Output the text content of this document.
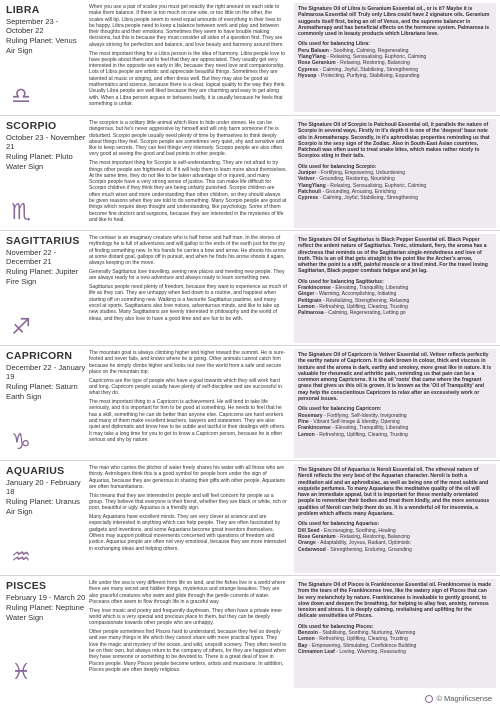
LIBRA
September 23 - October 22
Ruling Planet: Venus
Air Sign
♎

When you use a pair of scales you must get exactly the right amount on each side to make them balance. If there is too much on one side, or too little on the other, the scales will tip. Libra people seem to need equal amounts of everything in their lives to be happy. Libra people need to keep a balance between work and play and between their thoughts and their emotions. Sometimes they seem to have trouble making decisions, but this is because they must consider all sides of a question first. They are always striving for perfection and balance, and love beauty and harmony around them.

The most important thing for a Libra person is the idea of harmony. Libra people love to have people about them and to feel that they are appreciated. They usually get very interested in the opposite sex early in life, because they need love and companionship. Lots of Libra people are artistic and appreciate beautiful things. Sometimes they are talented at music or singing, and often dress well. But they may also be good at mathematics and science, because there is a clear, logical quality to the way they think. Usually Libra people are well liked because they are charming and easy to get along with. When a Libra person argues or behaves badly, it is usually because he feels that something is unfair.

The Signature Oil of Libra is Geranium Essential oil., or is it? Maybe it is Palmarosa Essential oil! Truly only Libra could have 2 signature oils. Geranium suggests itself first, being an oil of Venus, and the supreme balancer in Aromatherapy and has beneficial effects on the hormone system. Palmarosa is commonly used in beauty products which Librarians love.
Oils used for balancing Libra:
Peru Balsam - Soothing, Calming, Regenerating
YlangYlang - Relaxing, Sensualising, Euphoric, Calming
Rose Geranium - Relaxing, Restoring, Balancing
Cypress - Calming, Joyful, Stabilising, Strengthening
Hyssop - Protecting, Purifying, Stabilising, Expanding
SCORPIO
October 23 - November 21
Ruling Planet: Pluto
Water Sign
♏

The scorpion is a solitary little animal which likes to hide under stones. He can be dangerous, but he's never aggressive by himself and will only harm someone if he is disturbed. Scorpio people usually need plenty of time by themselves to think deeply about things they feel. Scorpio people are sometimes very quiet, shy and sensitive and like to keep secrets. They can feel things very intensely. Scorpio people are also often very good at seeing the good and bad points in other people.

The most important thing for Scorpio is self-understanding. They are not afraid to try things other people are frightened of. If it will help them to learn more about themselves. At the same time, they do not like to be taken advantage of or injured, and many Scorpio people have a very strong sense of justice. This can make life difficult for Scorpio children if they think they are being unfairly punished. Scorpio children are often much wiser and more understanding than other children, so they should always be given reasons when they are told to do something. Many Scorpio people are good at things which require deep thought and understanding, like psychology. Some of them become fine doctors and surgeons, because they are interested in the mysteries of life and like to heal.

The Signature Oil of Scorpio is Patchouli Essential oil, it parallels the nature of Scorpio in several ways. Firstly in it's depth it is one of the 'deepest' base note oils in Aromatherapy. Secondly, in it's aphrodisiac properties reminding us that Scorpio is the sexy sign of the Zodiac. Also in South-East Asian countries, Patchouli was often used to treat snake bites, which makes rather nicely to Scorpios sting in their tails.
Oils used for balancing Scorpio:
Juniper - Fortifying, Empowering, Unburdening
Vetiver - Grounding, Restoring, Nourishing
YlangYlang - Relaxing, Sensualising, Euphoric, Calming
Patchouli - Grounding, Arousing, Enriching
Cypress - Calming, Joyful, Stabilising, Strengthening
SAGITTARIUS
November 22 - December 21
Ruling Planet: Jupiter
Fire Sign
♐

The centaur is an imaginary creature who is half horse and half man. In the stories of mythology he is full of adventures and will gallop to the ends of the earth just for the joy of finding something new. In his hands he carries a bow and arrow. He shoots his arrow at some distant goal, gallops off in pursuit, and when he finds his arrow shoots it again, always keeping on the move.

Generally Sagittarius love travelling, seeing new places and meeting new people. They are always ready for a new adventure and always ready to learn something new.

Sagittarius people need plenty of freedom, because they want to experience as much of life as they can. They are unhappy when tied down to a routine, and happiest when starting off on something new. Walking is a favourite Sagittarius pastime, and many excel at sports. Sagittarians also love noises, adventurous minds, and like to take up new studies. Many Sagittarians are keenly interested in philosophy and the world of ideas, and they also love to have a good time and are fun to be with.

The Signature Oil of Sagittarius is Black Pepper Essential oil. Black Pepper reflect the ardent nature of Sagittarius. Tonic, stimulant, fiery, the aroma has a directness that reminds us of the Sagittarian single-mindedness and love of truth. This is an oil that gets straight to the point like the Archer's arrow, whether the point is a stiff, painful muscle or a tired mind. For the travel loving Sagittarian, Black pepper combats fatigue and jet lag.
Oils used for balancing Sagittarius:
Frankincense - Elevating, Tranquillity, Liberating
Ginger - Warming, Accomplishing, Initiating
Petitgrain - Revitalizing, Strengthening, Relaxing
Lemon - Refreshing, Uplifting, Clearing, Trusting
Palmarosa - Calming, Regenerating, Letting go
CAPRICORN
December 22 - January 19
Ruling Planet: Saturn
Earth Sign
♑

The mountain goat is always climbing higher and higher toward the summit. He is sure-footed and never fails, and knows where he is going. Other animals cannot catch him because he simply climbs higher and looks out over the world from a safe and secure place on the mountain top.

Capricorns are the type of people who have a goal towards which they will work hard and long. Capricorn people usually have plenty of self-discipline and are successful in what they do.

The most important thing to a Capricorn is achievement. He will tend to take life seriously, and it is important for him to be good at something. He needs to feel that he has a skill, something he can do better than anyone else. Capricorns are hard workers and many of them make excellent teachers, lawyers and statesmen. They are also quiet and diplomatic and know how to be subtle and tactful in their dealings with others. It may take a long time for you to get to know a Capricorn person, because he is often serious and shy by nature.

The Signature Oil of Capricorn is Vetiver Essential oil. Vetiver reflects perfectly the earthy nature of Capricorn. It is dark brown in colour, thick and viscous in texture and the aroma is dark, earthy and smokey, more great like in nature. It is valuable for rheumatic and arthritic pain, reminding us that pain can be a common among Capricorns. It is the oil 'roots' that came where the fragrant grass that gives us this oil is grown. It is known as the 'Oil of Tranquility' and may help the conscientious Capricorn to relax after an excessively work or personal issues.
Oils used for balancing Capricorn:
Rosemary - Fortifying, Self-Identity, Invigorating
Pine - Vibrant Self-Image & Identity, Opening
Frankincense - Elevating, Tranquillity, Liberating
Lemon - Refreshing, Uplifting, Clearing, Trusting
AQUARIUS
January 20 - February 18
Ruling Planet: Uranus
Air Sign
♒

The man who carries the pitcher of water freely shares his water with all those who are thirsty. Astrologers think this is a good symbol for people born under the sign of Aquarius, because they are generous in sharing their gifts with other people. Aquarians are often humanitarians.

This means that they are interested in people and will feel concern for people as a group. They believe that everyone is their friend, whether they are black or white, rich or poor, beautiful or ugly. Aquarius is a friendly sign.

Many Aquarians have excellent minds. They are very clever at science and are especially interested in anything which can help people. They are often fascinated by gadgets and inventions, and some Aquarians become great inventors themselves. Others may support political movements concerned with questions of freedom and justice. Aquarius people are often not very emotional, because they are more interested in exchanging ideas and helping others.

The Signature Oil of Aquarius is Neroli Essential oil. The ethereal nature of Neroli reflects the very best of the Aquarian character. Neroli is both a meditation aid and an aphrodisiac, as well as being one of the most subtle and exquisite perfumes. To many Aquarians the meditative quality of the oil will have an immediate appeal, but it is important for these mentally orientated people to remember their bodies and treat them kindly, and the more sensuous qualities of Neroli can help them do so. It is a wonderful oil for insomnia, a problem which affects many Aquarians.
Oils used for balancing Aquarius:
Dill Seed - Encouraging, Soothing, Healing
Rose Geranium - Relaxing, Restoring, Balancing
Orange - Adaptability, Joyous, Radiant, Optimistic
Cedarwood - Strengthening, Enduring, Grounding
PISCES
February 19 - March 20
Ruling Planet: Neptune
Water Sign
♓

Life under the sea is very different from life on land, and the fishes live in a world where there are many secret and hidden things, mysterious and strange beauties. They are also graceful creatures who swim and glide through the gentle currents of water. Pisceans often seem to flow through life in a graceful way.

They love music and poetry and frequently daydream. They often have a private inner world which is a very special and precious place to them, but they can be deeply compassionate towards other people who are unhappy.

Other people sometimes find Pisces hard to understand, because they feel so deeply and see many things in life which they cannot share with more practical types. They love the magic and mystery of the ocean, and wild, unspoilt scenery. They often need to be on their own, but always return to the company of others, for they are happiest when they have someone or something to be devoted to. There is a great deal of love in Pisces people. Many Pisces people become writers, artists and musicians. In addition, Pisces people are often deeply religious.

The Signature Oil of Pisces is Frankincense Essential oil. Frankincense is made from the tears of the Frankincense tree, like the watery sign of Pisces that can be very melancholy by nature. Frankincense is invaluable to gently ground, to slow down and deepen the breathing, for helping to allay fear, anxiety, nervous tension and stress. It is deeply calming, revitalising and uplifting for the delicate sensitivities of Pisces.
Oils used for balancing Pisces:
Benzoin - Stabilising, Soothing, Nurturing, Warming
Lemon - Refreshing, Uplifting, Clearing, Trusting
Bay - Empowering, Stimulating, Confidence Building
Cinnamon Leaf - Loving, Warming, Reassuring
© Magnificsense
